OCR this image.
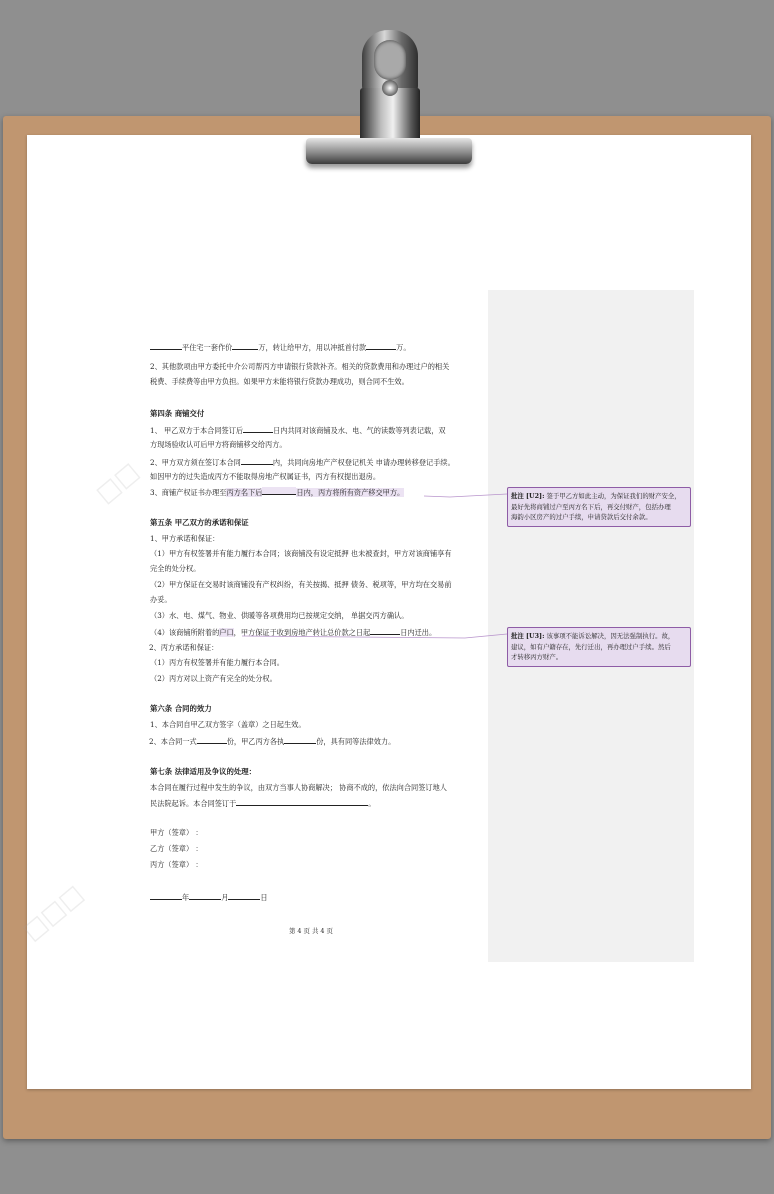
☐☐
☐☐☐
平住宅一套作价	万，转让给甲方，用以冲抵首付款	万。
2、其他款项由甲方委托中介公司帮丙方申请银行贷款补齐。相关的贷款费用和办理过户的相关
税费、手续费等由甲方负担。如果甲方未能将银行贷款办理成功，则合同不生效。
第四条 商铺交付
1、 甲乙双方于本合同签订后	日内共同对该商铺及水、电、气的读数等列表记载，双
方现场验收认可后甲方将商铺移交给丙方。
2、甲方双方须在签订本合同	内，共同向房地产产权登记机关 申请办理转移登记手续。
如因甲方的过失造成丙方不能取得房地产权属证书，丙方有权提出退房。
3、商铺产权证书办理至丙方名下后	日内，丙方将所有资产移交甲方。
第五条 甲乙双方的承诺和保证
1、甲方承诺和保证：
（1）甲方有权签署并有能力履行本合同；该商铺没有设定抵押 也未被查封，甲方对该商铺享有
完全的处分权。
（2）甲方保证在交易时该商铺没有产权纠纷，有关按揭、抵押 债务、税项等，甲方均在交易前
办妥。
（3）水、电、煤气、物业、供暖等各项费用均已按规定交纳， 单据交丙方确认。
（4）该商铺所附着的户口，甲方保证于收到房地产转让总价款之日起	日内迁出。
2、丙方承诺和保证：
（1）丙方有权签署并有能力履行本合同。
（2）丙方对以上资产有完全的处分权。
第六条 合同的效力
1、本合同自甲乙双方签字（盖章）之日起生效。
2、本合同一式	份，甲乙丙方各执	份，具有同等法律效力。
第七条 法律适用及争议的处理：
本合同在履行过程中发生的争议，由双方当事人协商解决； 协商不成的，依法向合同签订地人
民法院起诉。本合同签订于	。
甲方（签章） ：
乙方（签章） ：
丙方（签章） ：
年	月	日
批注 [U2]: 签于甲乙方如此主动，为保证我们的财产安全，
最好先将商铺过户至丙方名下后，再交付财产，包括办理
海韵小区房产的过户手续，申请贷款后交付余款。
批注 [U3]: 该事项不能诉讼解决，因无法强制执行。故，
建议，如有户籍存在，先行迁出，再办理过户手续。然后
才转移丙方财产。
第 4 页 共 4 页
